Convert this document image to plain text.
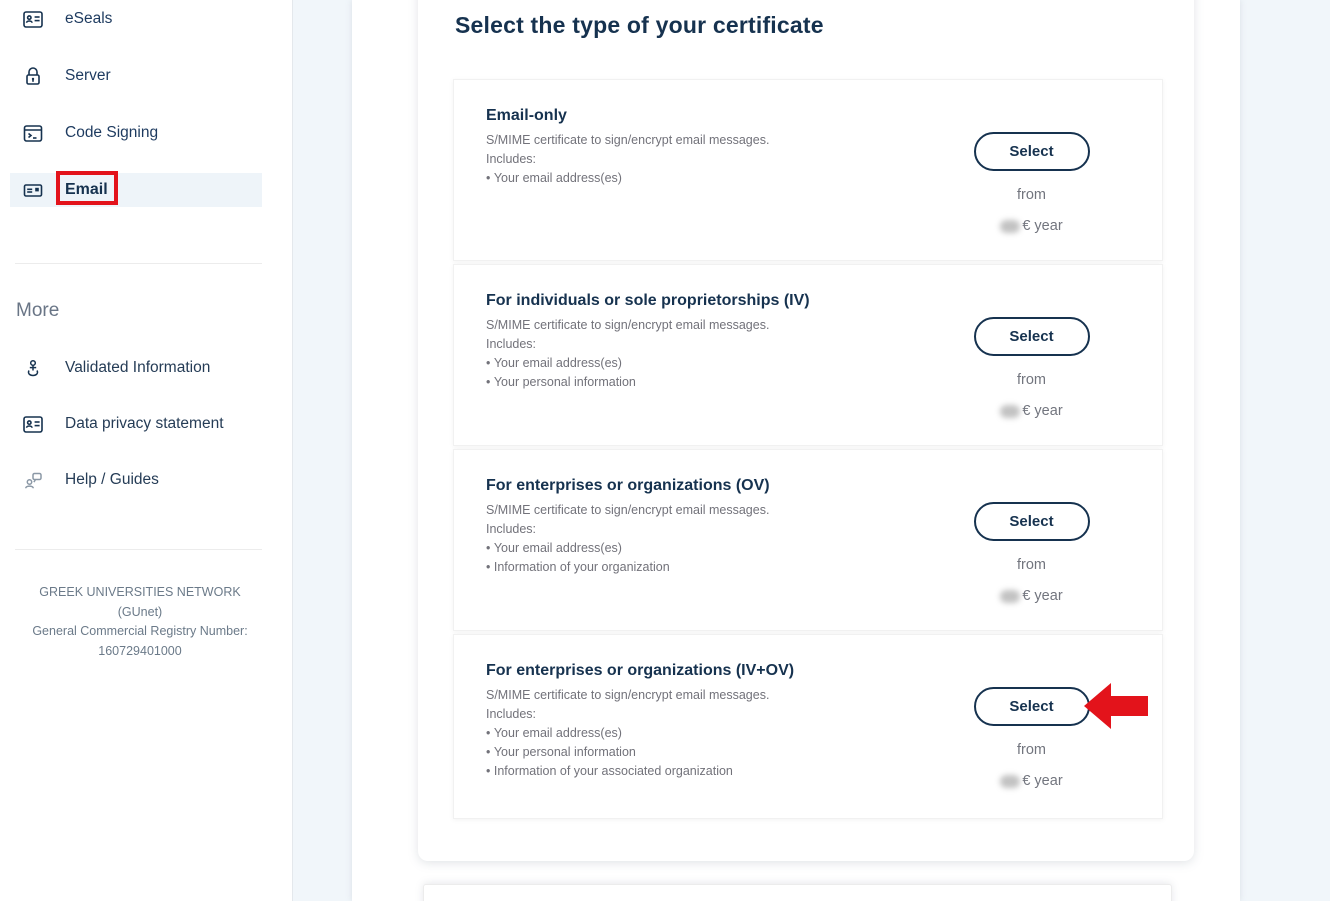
eSeals
Server
Code Signing
Email
More
Validated Information
Data privacy statement
Help / Guides
GREEK UNIVERSITIES NETWORK
(GUnet)
General Commercial Registry Number:
160729401000
Select the type of your certificate
Email-only
S/MIME certificate to sign/encrypt email messages.
Includes:
• Your email address(es)
Select
from
€ year
For individuals or sole proprietorships (IV)
S/MIME certificate to sign/encrypt email messages.
Includes:
• Your email address(es)
• Your personal information
Select
from
€ year
For enterprises or organizations (OV)
S/MIME certificate to sign/encrypt email messages.
Includes:
• Your email address(es)
• Information of your organization
Select
from
€ year
For enterprises or organizations (IV+OV)
S/MIME certificate to sign/encrypt email messages.
Includes:
• Your email address(es)
• Your personal information
• Information of your associated organization
Select
from
€ year
